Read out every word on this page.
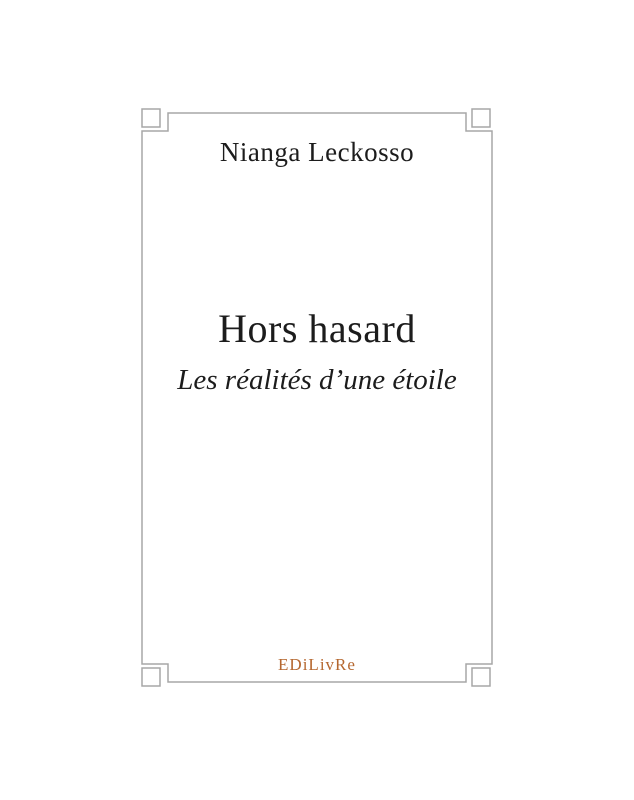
Nianga Leckosso
Hors hasard
Les réalités d’une étoile
EDiLivRe
